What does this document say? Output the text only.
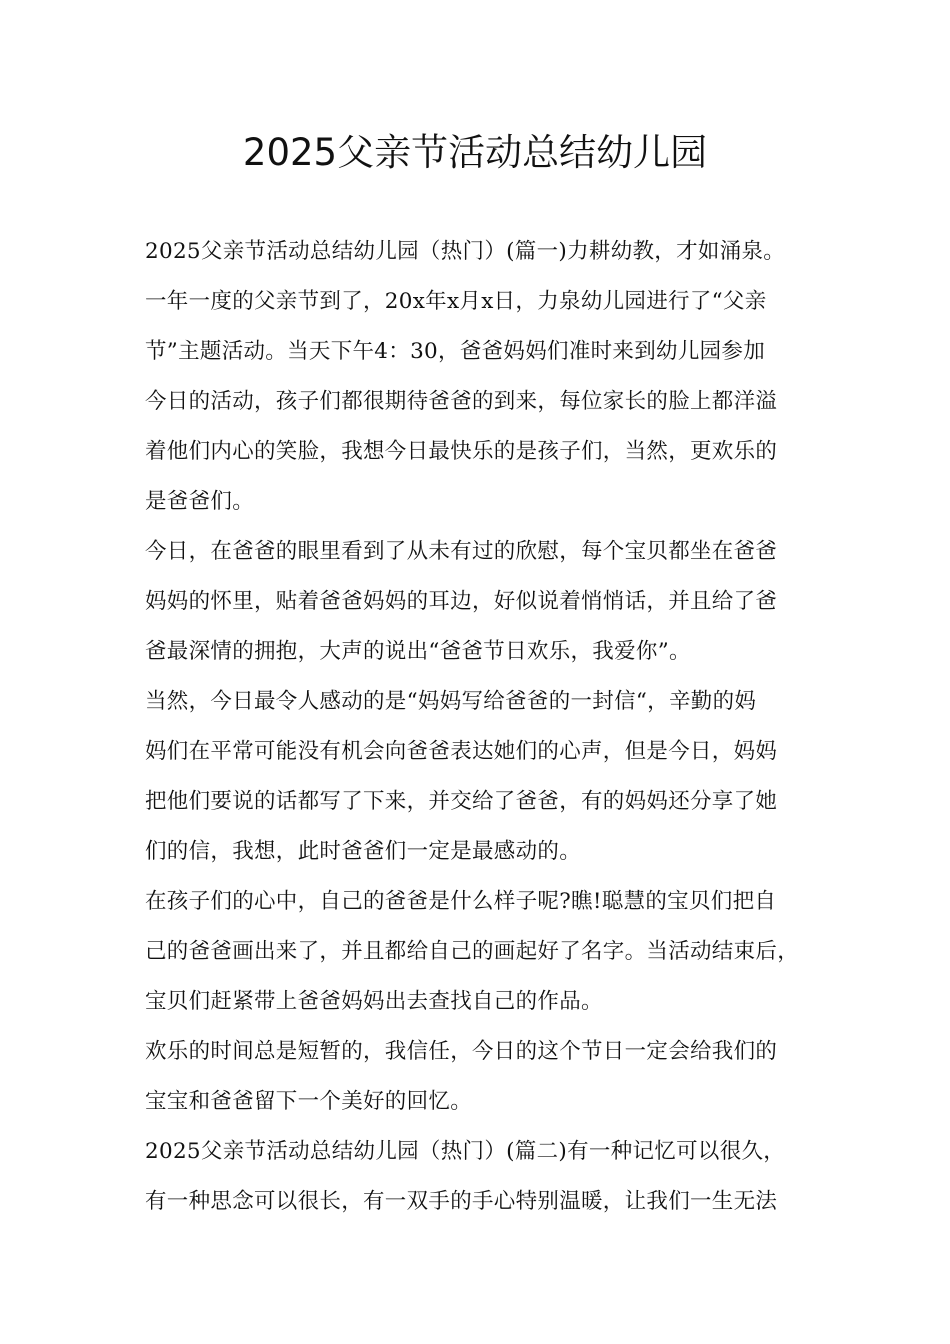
2025父亲节活动总结幼儿园
2025父亲节活动总结幼儿园（热门）(篇一)力耕幼教，才如涌泉。
一年一度的父亲节到了，20x年x月x日，力泉幼儿园进行了“父亲
节”主题活动。当天下午4：30，爸爸妈妈们准时来到幼儿园参加
今日的活动，孩子们都很期待爸爸的到来，每位家长的脸上都洋溢
着他们内心的笑脸，我想今日最快乐的是孩子们，当然，更欢乐的
是爸爸们。
今日，在爸爸的眼里看到了从未有过的欣慰，每个宝贝都坐在爸爸
妈妈的怀里，贴着爸爸妈妈的耳边，好似说着悄悄话，并且给了爸
爸最深情的拥抱，大声的说出“爸爸节日欢乐，我爱你”。
当然，今日最令人感动的是“妈妈写给爸爸的一封信“，辛勤的妈
妈们在平常可能没有机会向爸爸表达她们的心声，但是今日，妈妈
把他们要说的话都写了下来，并交给了爸爸，有的妈妈还分享了她
们的信，我想，此时爸爸们一定是最感动的。
在孩子们的心中，自己的爸爸是什么样子呢?瞧!聪慧的宝贝们把自
己的爸爸画出来了，并且都给自己的画起好了名字。当活动结束后，
宝贝们赶紧带上爸爸妈妈出去查找自己的作品。
欢乐的时间总是短暂的，我信任，今日的这个节日一定会给我们的
宝宝和爸爸留下一个美好的回忆。
2025父亲节活动总结幼儿园（热门）(篇二)有一种记忆可以很久，
有一种思念可以很长，有一双手的手心特别温暖，让我们一生无法
